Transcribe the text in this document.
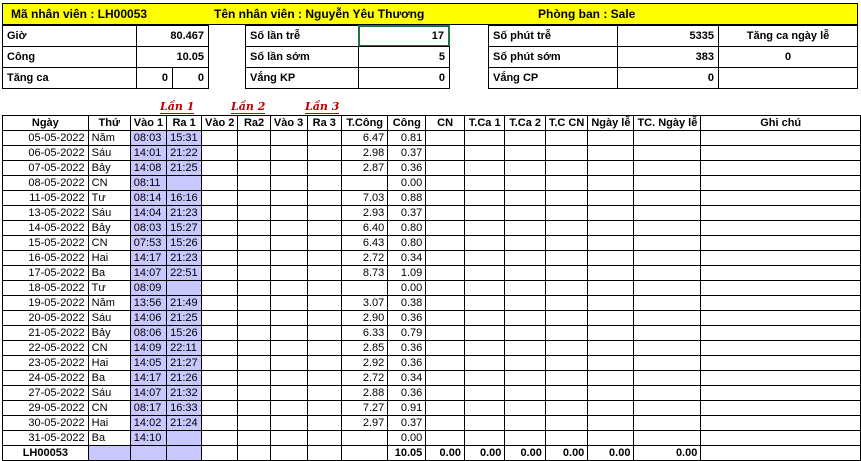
Mã nhân viên : LH00053	Tên nhân viên : Nguyễn Yêu Thương	Phòng ban : Sale
Giờ	80.467
Công	10.05
Tăng ca	0	0
Số lần trễ	17
Số lần sớm	5
Vắng KP	0
Số phút trễ	5335
Số phút sớm	383
Vắng CP	0
Tăng ca ngày lễ
0
Lần 1	Lần 2	Lần 3
Ngày	Thứ	Vào 1	Ra 1	Vào 2	Ra2	Vào 3	Ra 3	T.Công	Công	CN	T.Ca 1	T.Ca 2	T.C CN	Ngày lễ	TC. Ngày lễ	Ghi chú
05-05-2022	Năm	08:03	15:31					6.47	0.81							
06-05-2022	Sáu	14:01	21:22					2.98	0.37							
07-05-2022	Bảy	14:08	21:25					2.87	0.36							
08-05-2022	CN	08:11							0.00							
11-05-2022	Tư	08:14	16:16					7.03	0.88							
13-05-2022	Sáu	14:04	21:23					2.93	0.37							
14-05-2022	Bảy	08:03	15:27					6.40	0.80							
15-05-2022	CN	07:53	15:26					6.43	0.80							
16-05-2022	Hai	14:17	21:23					2.72	0.34							
17-05-2022	Ba	14:07	22:51					8.73	1.09							
18-05-2022	Tư	08:09							0.00							
19-05-2022	Năm	13:56	21:49					3.07	0.38							
20-05-2022	Sáu	14:06	21:25					2.90	0.36							
21-05-2022	Bảy	08:06	15:26					6.33	0.79							
22-05-2022	CN	14:09	22:11					2.85	0.36							
23-05-2022	Hai	14:05	21:27					2.92	0.36							
24-05-2022	Ba	14:17	21:26					2.72	0.34							
27-05-2022	Sáu	14:07	21:32					2.88	0.36							
29-05-2022	CN	08:17	16:33					7.27	0.91							
30-05-2022	Hai	14:02	21:24					2.97	0.37							
31-05-2022	Ba	14:10							0.00							
LH00053									10.05	0.00	0.00	0.00	0.00	0.00	0.00	
